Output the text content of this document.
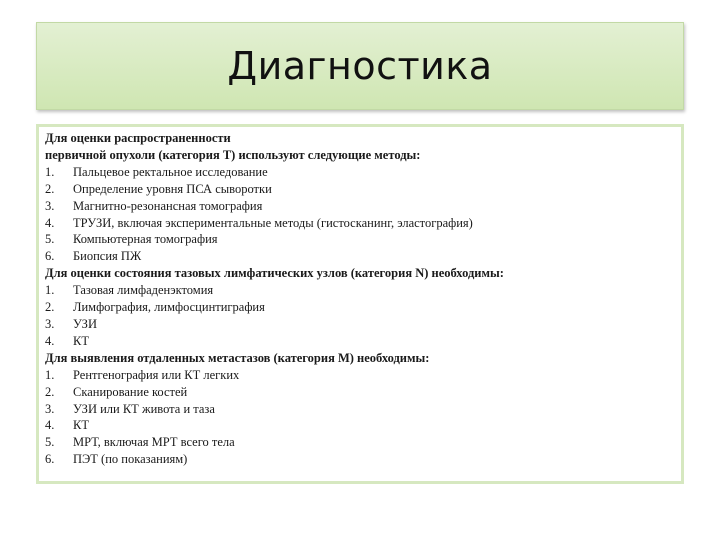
Диагностика
Для оценки распространенности
первичной опухоли (категория Т) используют следующие методы:
1.	Пальцевое ректальное исследование
2.	Определение уровня ПСА сыворотки
3.	Магнитно-резонансная томография
4.	ТРУЗИ, включая экспериментальные методы (гистосканинг, эластография)
5.	Компьютерная томография
6.	Биопсия ПЖ
Для оценки состояния тазовых лимфатических узлов (категория N) необходимы:
1.	Тазовая лимфаденэктомия
2.	Лимфография, лимфосцинтиграфия
3.	УЗИ
4.	КТ
Для выявления отдаленных метастазов (категория М) необходимы:
1.	Рентгенография или КТ легких
2.	Сканирование костей
3.	УЗИ или КТ живота и таза
4.	КТ
5.	МРТ, включая МРТ всего тела
6.	ПЭТ (по показаниям)
